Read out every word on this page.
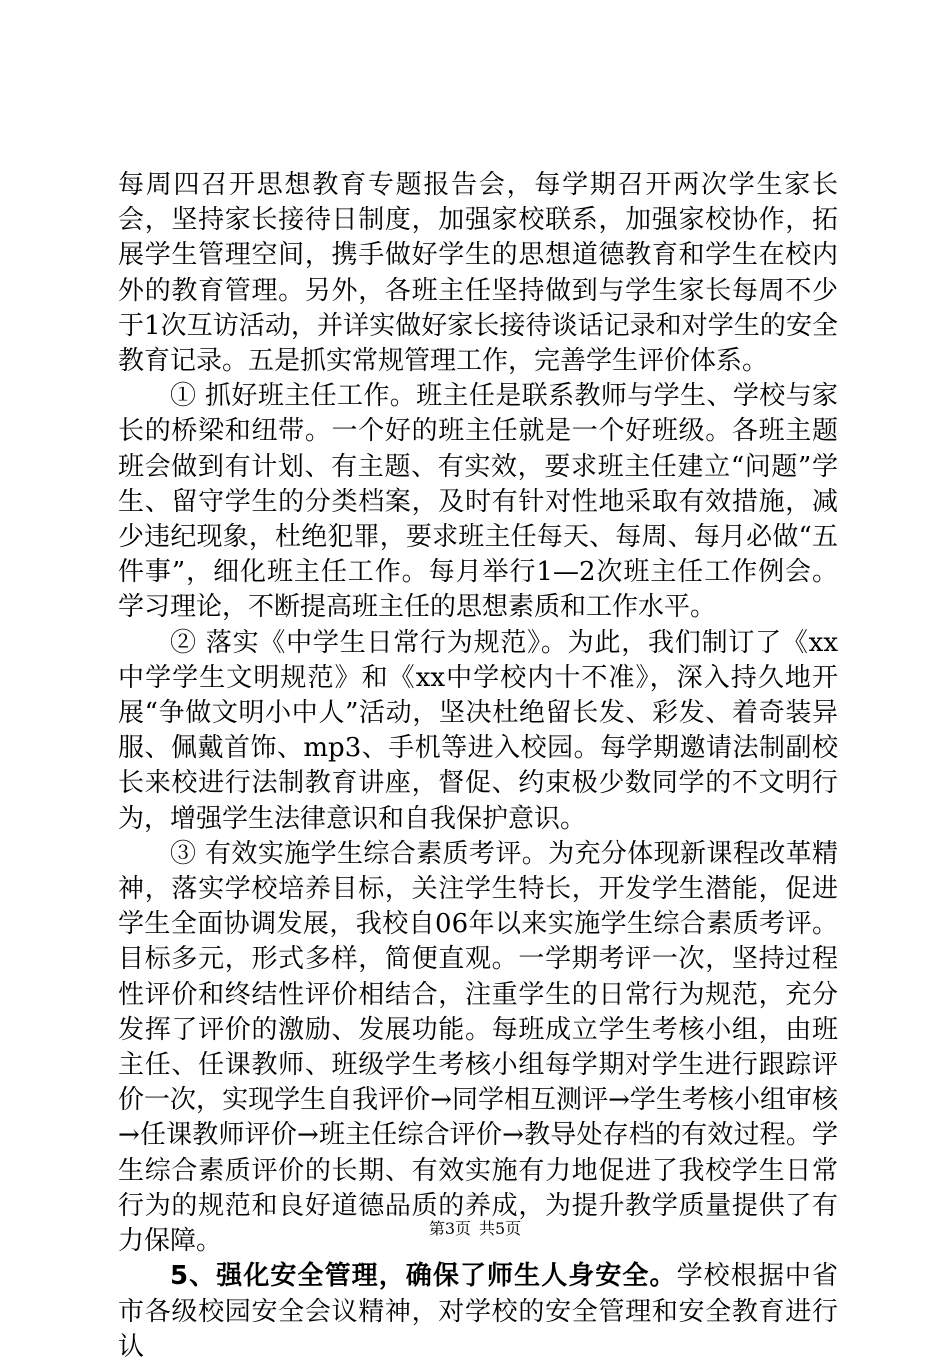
每周四召开思想教育专题报告会，每学期召开两次学生家长会，坚持家长接待日制度，加强家校联系，加强家校协作，拓展学生管理空间，携手做好学生的思想道德教育和学生在校内外的教育管理。另外，各班主任坚持做到与学生家长每周不少于1次互访活动，并详实做好家长接待谈话记录和对学生的安全教育记录。五是抓实常规管理工作，完善学生评价体系。

① 抓好班主任工作。班主任是联系教师与学生、学校与家长的桥梁和纽带。一个好的班主任就是一个好班级。各班主题班会做到有计划、有主题、有实效，要求班主任建立“问题”学生、留守学生的分类档案，及时有针对性地采取有效措施，减少违纪现象，杜绝犯罪，要求班主任每天、每周、每月必做“五件事”，细化班主任工作。每月举行1—2次班主任工作例会。学习理论，不断提高班主任的思想素质和工作水平。

② 落实《中学生日常行为规范》。为此，我们制订了《xx中学学生文明规范》和《xx中学校内十不准》，深入持久地开展“争做文明小中人”活动，坚决杜绝留长发、彩发、着奇装异服、佩戴首饰、mp3、手机等进入校园。每学期邀请法制副校长来校进行法制教育讲座，督促、约束极少数同学的不文明行为，增强学生法律意识和自我保护意识。

③ 有效实施学生综合素质考评。为充分体现新课程改革精神，落实学校培养目标，关注学生特长，开发学生潜能，促进学生全面协调发展，我校自06年以来实施学生综合素质考评。目标多元，形式多样，简便直观。一学期考评一次，坚持过程性评价和终结性评价相结合，注重学生的日常行为规范，充分发挥了评价的激励、发展功能。每班成立学生考核小组，由班主任、任课教师、班级学生考核小组每学期对学生进行跟踪评价一次，实现学生自我评价→同学相互测评→学生考核小组审核→任课教师评价→班主任综合评价→教导处存档的有效过程。学生综合素质评价的长期、有效实施有力地促进了我校学生日常行为的规范和良好道德品质的养成，为提升教学质量提供了有力保障。

5、强化安全管理，确保了师生人身安全。学校根据中省市各级校园安全会议精神，对学校的安全管理和安全教育进行认

第3页 共5页
